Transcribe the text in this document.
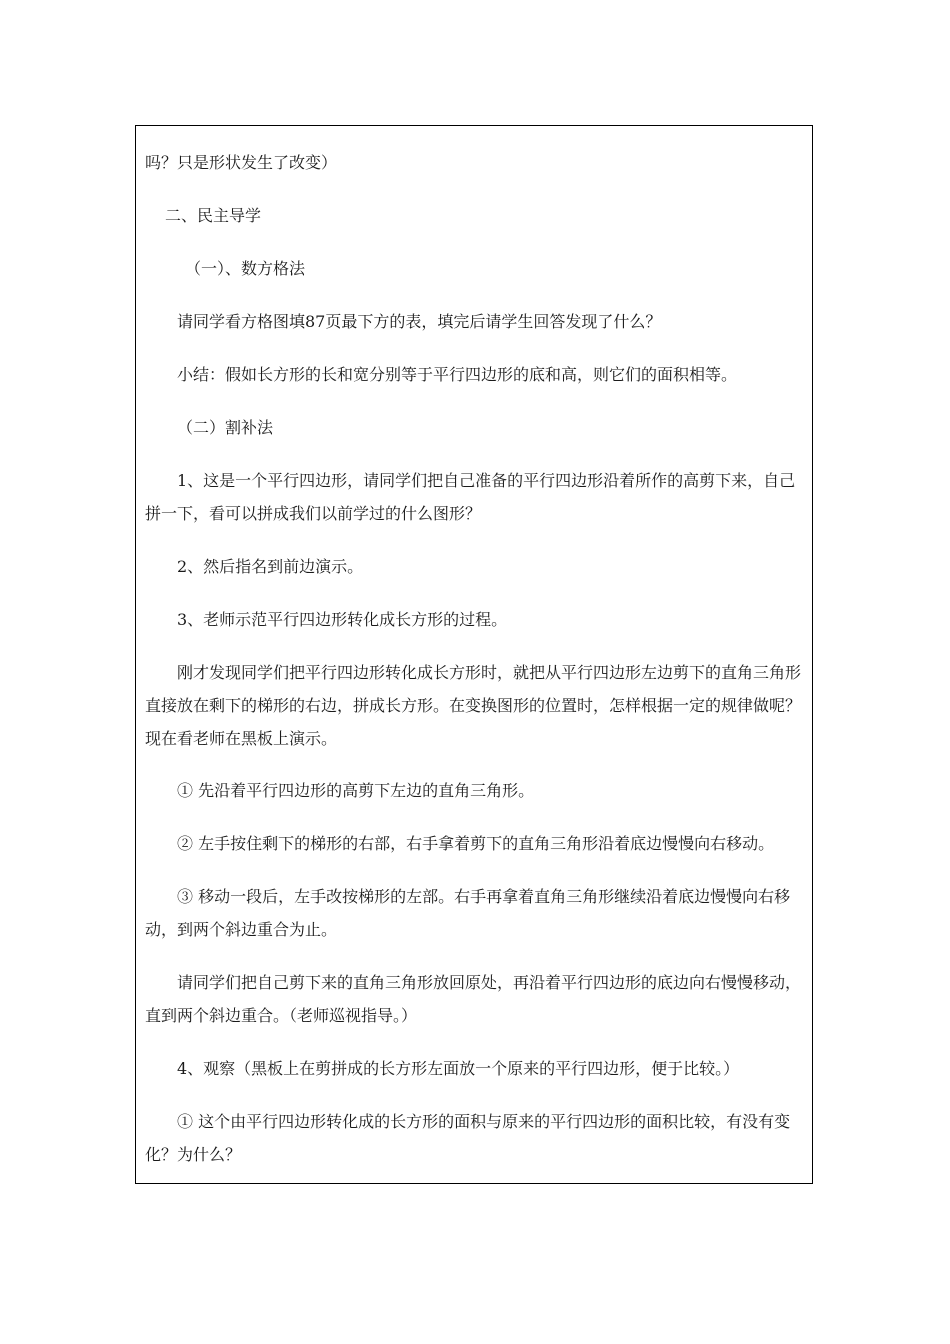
吗？只是形状发生了改变）
二、民主导学
（一）、数方格法
请同学看方格图填87页最下方的表，填完后请学生回答发现了什么？
小结：假如长方形的长和宽分别等于平行四边形的底和高，则它们的面积相等。
（二）割补法
1、这是一个平行四边形，请同学们把自己准备的平行四边形沿着所作的高剪下来，自己拼一下，看可以拼成我们以前学过的什么图形？
2、然后指名到前边演示。
3、老师示范平行四边形转化成长方形的过程。
刚才发现同学们把平行四边形转化成长方形时，就把从平行四边形左边剪下的直角三角形直接放在剩下的梯形的右边，拼成长方形。在变换图形的位置时，怎样根据一定的规律做呢？现在看老师在黑板上演示。
① 先沿着平行四边形的高剪下左边的直角三角形。
② 左手按住剩下的梯形的右部，右手拿着剪下的直角三角形沿着底边慢慢向右移动。
③ 移动一段后，左手改按梯形的左部。右手再拿着直角三角形继续沿着底边慢慢向右移动，到两个斜边重合为止。
请同学们把自己剪下来的直角三角形放回原处，再沿着平行四边形的底边向右慢慢移动，直到两个斜边重合。（老师巡视指导。）
4、观察（黑板上在剪拼成的长方形左面放一个原来的平行四边形，便于比较。）
① 这个由平行四边形转化成的长方形的面积与原来的平行四边形的面积比较，有没有变化？为什么？
